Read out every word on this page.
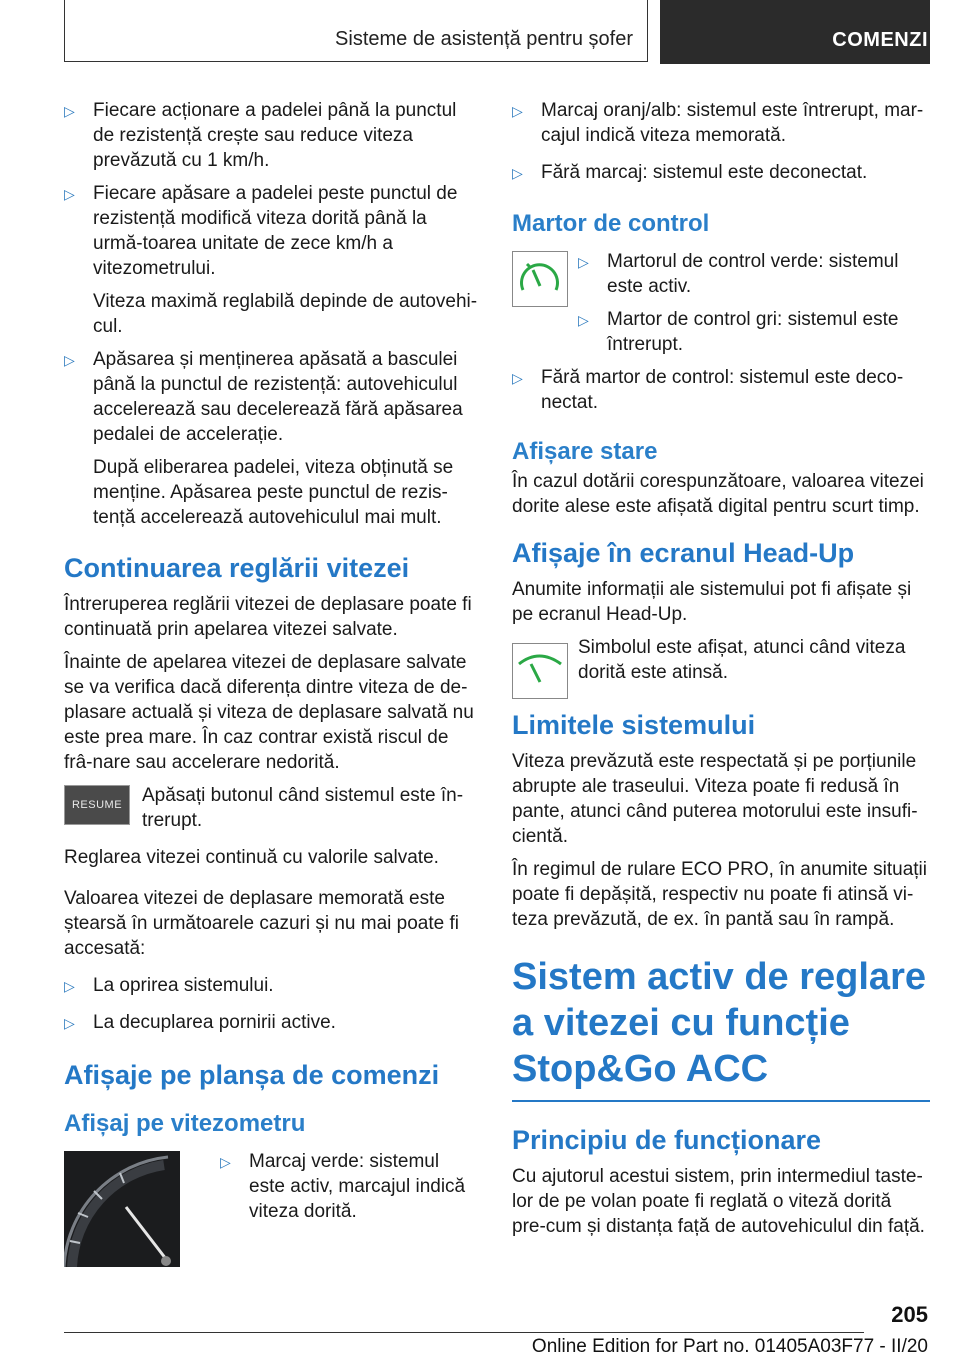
Sisteme de asistență pentru șofer	COMENZI
▷ Fiecare acționare a padelei până la punctul de rezistență crește sau reduce viteza prevăzută cu 1 km/h.
▷ Fiecare apăsare a padelei peste punctul de rezistență modifică viteza dorită până la urmă-toarea unitate de zece km/h a vitezometrului.

Viteza maximă reglabilă depinde de autovehi-cul.

▷ Apăsarea și menținerea apăsată a basculei până la punctul de rezistență: autovehiculul accelerează sau decelerează fără apăsarea pedalei de accelerație.

După eliberarea padelei, viteza obținută se menține. Apăsarea peste punctul de rezis-tență accelerează autovehiculul mai mult.

Continuarea reglării vitezei

Întreruperea reglării vitezei de deplasare poate fi continuată prin apelarea vitezei salvate.

Înainte de apelarea vitezei de deplasare salvate se va verifica dacă diferența dintre viteza de de-plasare actuală și viteza de deplasare salvată nu este prea mare. În caz contrar există riscul de frâ-nare sau accelerare nedorită.

RESUME	Apăsați butonul când sistemul este în-trerupt.

Reglarea vitezei continuă cu valorile salvate.

Valoarea vitezei de deplasare memorată este ștearsă în următoarele cazuri și nu mai poate fi accesată:

▷ La oprirea sistemului.
▷ La decuplarea pornirii active.
Afișaje pe planșa de comenzi
Afișaj pe vitezometru
▷ Marcaj verde: sistemul este activ, marcajul indică viteza dorită.
▷ Marcaj oranj/alb: sistemul este întrerupt, mar-cajul indică viteza memorată.
▷ Fără marcaj: sistemul este deconectat.
Martor de control
▷ Martorul de control verde: sistemul este activ.
▷ Martor de control gri: sistemul este întrerupt.
▷ Fără martor de control: sistemul este deco-nectat.
Afișare stare

În cazul dotării corespunzătoare, valoarea vitezei dorite alese este afișată digital pentru scurt timp.

Afișaje în ecranul Head-Up

Anumite informații ale sistemului pot fi afișate și pe ecranul Head-Up.

Simbolul este afișat, atunci când viteza dorită este atinsă.
Limitele sistemului

Viteza prevăzută este respectată și pe porțiunile abrupte ale traseului. Viteza poate fi redusă în pante, atunci când puterea motorului este insufi-cientă.

În regimul de rulare ECO PRO, în anumite situații poate fi depășită, respectiv nu poate fi atinsă vi-teza prevăzută, de ex. în pantă sau în rampă.

Sistem activ de reglare a vitezei cu funcție Stop&Go ACC
Principiu de funcționare

Cu ajutorul acestui sistem, prin intermediul taste-lor de pe volan poate fi reglată o viteză dorită pre-cum și distanța față de autovehiculul din față.

205
Online Edition for Part no. 01405A03F77 - II/20
